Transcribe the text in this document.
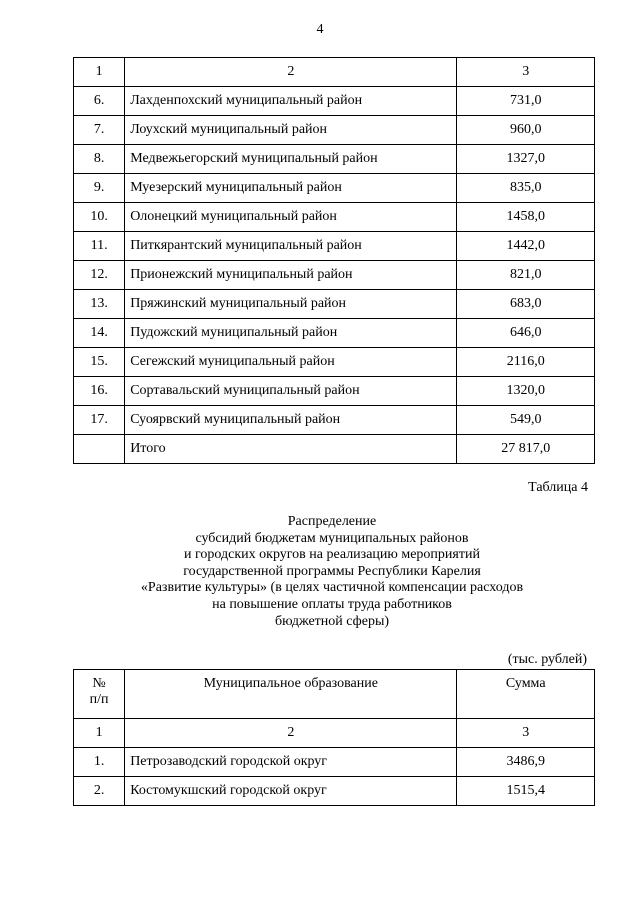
4
1	2	3
6.	Лахденпохский муниципальный район	731,0
7.	Лоухский муниципальный район	960,0
8.	Медвежьегорский муниципальный район	1327,0
9.	Муезерский муниципальный район	835,0
10.	Олонецкий муниципальный район	1458,0
11.	Питкярантский муниципальный район	1442,0
12.	Прионежский муниципальный район	821,0
13.	Пряжинский муниципальный район	683,0
14.	Пудожский муниципальный район	646,0
15.	Сегежский муниципальный район	2116,0
16.	Сортавальский муниципальный район	1320,0
17.	Суоярвский муниципальный район	549,0
	Итого	27 817,0
Таблица 4
Распределение
субсидий бюджетам муниципальных районов
и городских округов на реализацию мероприятий
государственной программы Республики Карелия
«Развитие культуры» (в целях частичной компенсации расходов
на повышение оплаты труда работников
бюджетной сферы)
(тыс. рублей)
№
п/п	Муниципальное образование	Сумма
1	2	3
1.	Петрозаводский городской округ	3486,9
2.	Костомукшский городской округ	1515,4
